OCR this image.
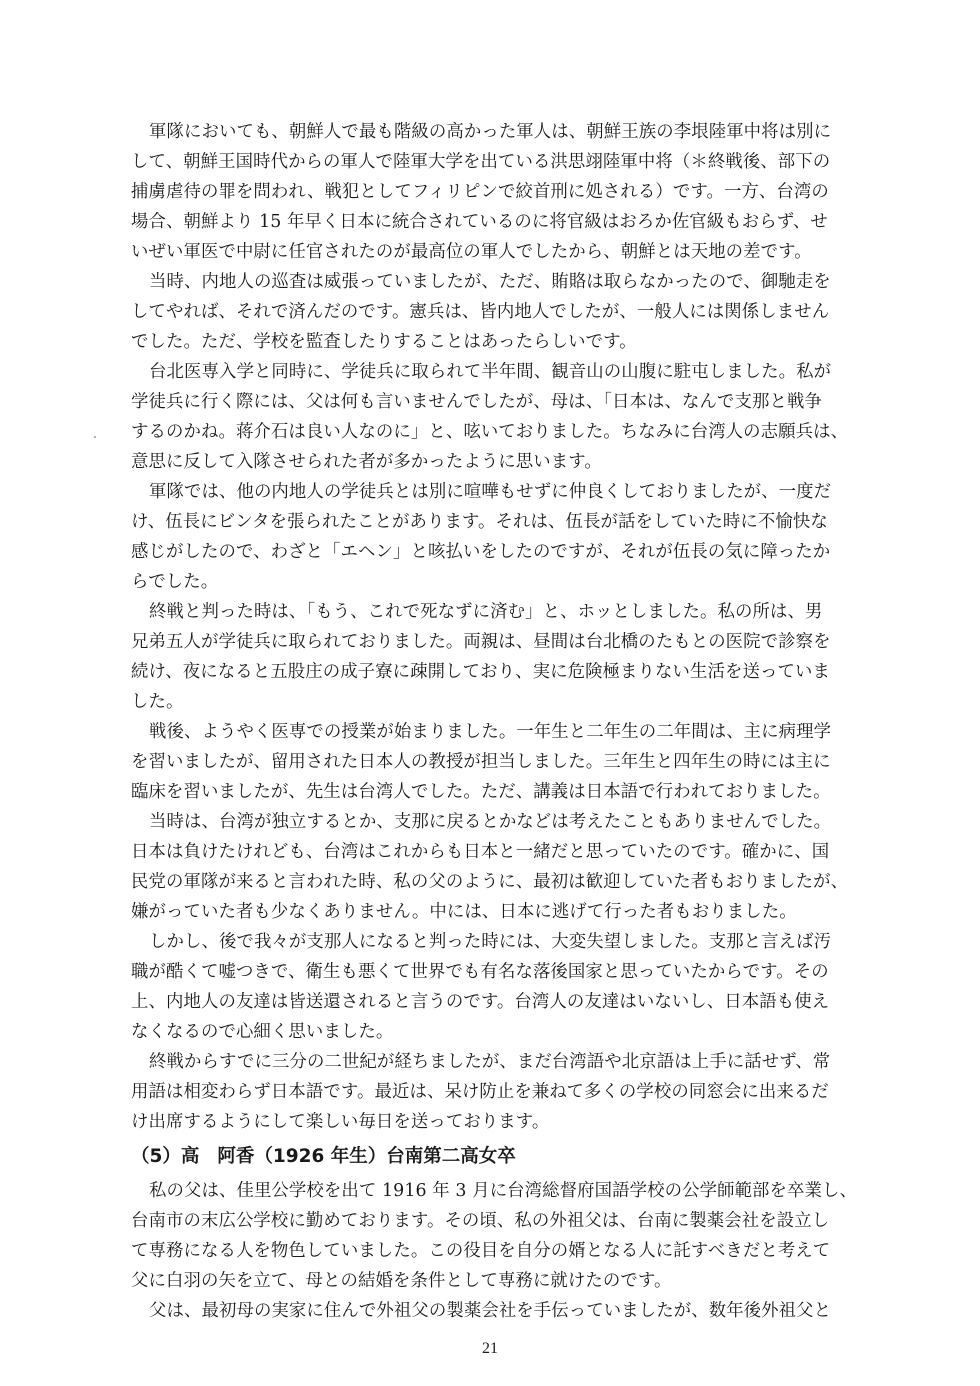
軍隊においても、朝鮮人で最も階級の高かった軍人は、朝鮮王族の李垠陸軍中将は別に
して、朝鮮王国時代からの軍人で陸軍大学を出ている洪思翊陸軍中将（＊終戦後、部下の
捕虜虐待の罪を問われ、戦犯としてフィリピンで絞首刑に処される）です。一方、台湾の
場合、朝鮮より 15 年早く日本に統合されているのに将官級はおろか佐官級もおらず、せ
いぜい軍医で中尉に任官されたのが最高位の軍人でしたから、朝鮮とは天地の差です。
当時、内地人の巡査は威張っていましたが、ただ、賄賂は取らなかったので、御馳走を
してやれば、それで済んだのです。憲兵は、皆内地人でしたが、一般人には関係しません
でした。ただ、学校を監査したりすることはあったらしいです。
台北医専入学と同時に、学徒兵に取られて半年間、観音山の山腹に駐屯しました。私が
学徒兵に行く際には、父は何も言いませんでしたが、母は、「日本は、なんで支那と戦争
するのかね。蒋介石は良い人なのに」と、呟いておりました。ちなみに台湾人の志願兵は、
意思に反して入隊させられた者が多かったように思います。
軍隊では、他の内地人の学徒兵とは別に喧嘩もせずに仲良くしておりましたが、一度だ
け、伍長にビンタを張られたことがあります。それは、伍長が話をしていた時に不愉快な
感じがしたので、わざと「エヘン」と咳払いをしたのですが、それが伍長の気に障ったか
らでした。
終戦と判った時は、「もう、これで死なずに済む」と、ホッとしました。私の所は、男
兄弟五人が学徒兵に取られておりました。両親は、昼間は台北橋のたもとの医院で診察を
続け、夜になると五股庄の成子寮に疎開しており、実に危険極まりない生活を送っていま
した。
戦後、ようやく医専での授業が始まりました。一年生と二年生の二年間は、主に病理学
を習いましたが、留用された日本人の教授が担当しました。三年生と四年生の時には主に
臨床を習いましたが、先生は台湾人でした。ただ、講義は日本語で行われておりました。
当時は、台湾が独立するとか、支那に戻るとかなどは考えたこともありませんでした。
日本は負けたけれども、台湾はこれからも日本と一緒だと思っていたのです。確かに、国
民党の軍隊が来ると言われた時、私の父のように、最初は歓迎していた者もおりましたが、
嫌がっていた者も少なくありません。中には、日本に逃げて行った者もおりました。
しかし、後で我々が支那人になると判った時には、大変失望しました。支那と言えば汚
職が酷くて嘘つきで、衛生も悪くて世界でも有名な落後国家と思っていたからです。その
上、内地人の友達は皆送還されると言うのです。台湾人の友達はいないし、日本語も使え
なくなるので心細く思いました。
終戦からすでに三分の二世紀が経ちましたが、まだ台湾語や北京語は上手に話せず、常
用語は相変わらず日本語です。最近は、呆け防止を兼ねて多くの学校の同窓会に出来るだ
け出席するようにして楽しい毎日を送っております。
（5）高 阿香（1926 年生）台南第二高女卒
私の父は、佳里公学校を出て 1916 年 3 月に台湾総督府国語学校の公学師範部を卒業し、
台南市の末広公学校に勤めております。その頃、私の外祖父は、台南に製薬会社を設立し
て専務になる人を物色していました。この役目を自分の婿となる人に託すべきだと考えて
父に白羽の矢を立て、母との結婚を条件として専務に就けたのです。
父は、最初母の実家に住んで外祖父の製薬会社を手伝っていましたが、数年後外祖父と
21
